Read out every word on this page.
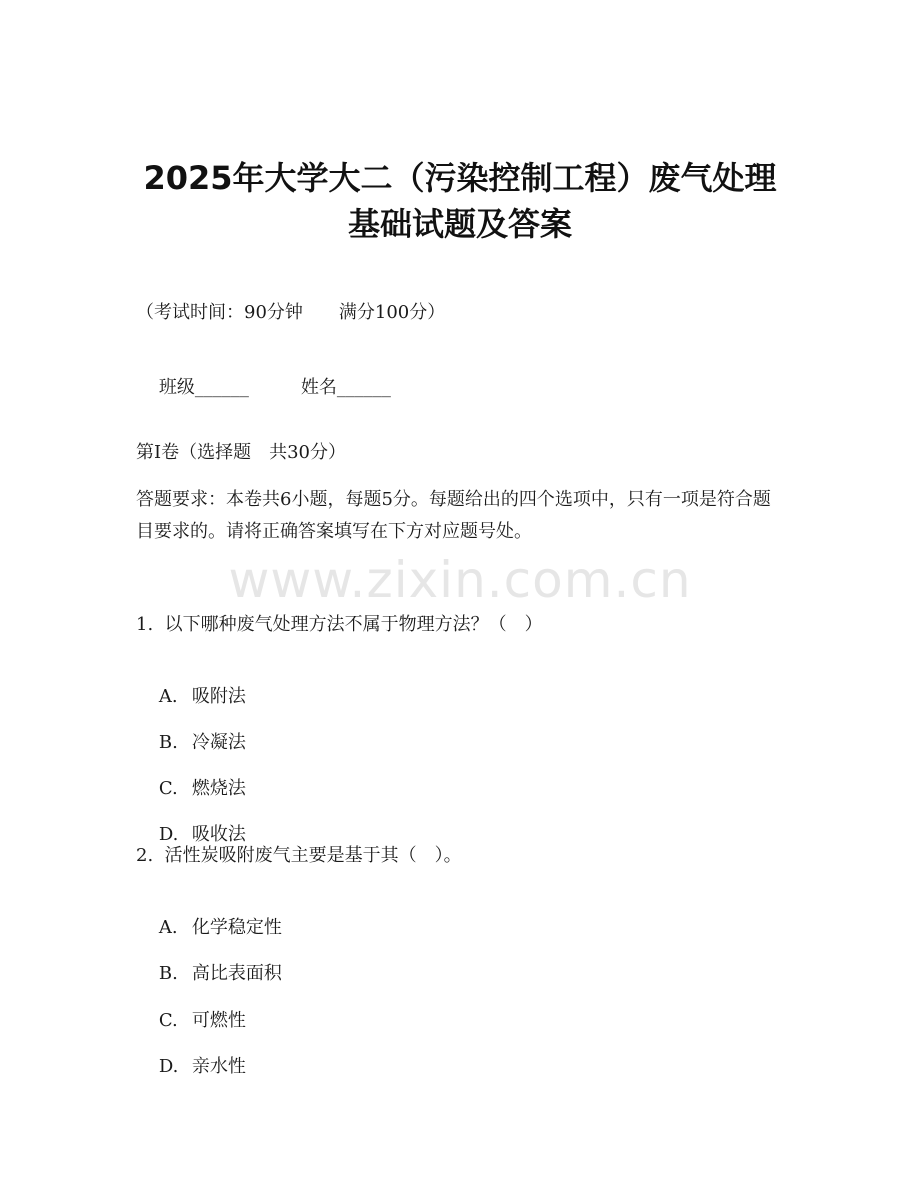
2025年大学大二（污染控制工程）废气处理
基础试题及答案
（考试时间：90分钟　　满分100分）

班级______	姓名______

第I卷（选择题　共30分）
答题要求：本卷共6小题，每题5分。每题给出的四个选项中，只有一项是符合题目要求的。请将正确答案填写在下方对应题号处。
www.zixin.com.cn
1.  以下哪种废气处理方法不属于物理方法？（　）

A. 吸附法

B. 冷凝法

C. 燃烧法

D. 吸收法

2.  活性炭吸附废气主要是基于其（　）。

A. 化学稳定性

B. 高比表面积

C. 可燃性

D. 亲水性
